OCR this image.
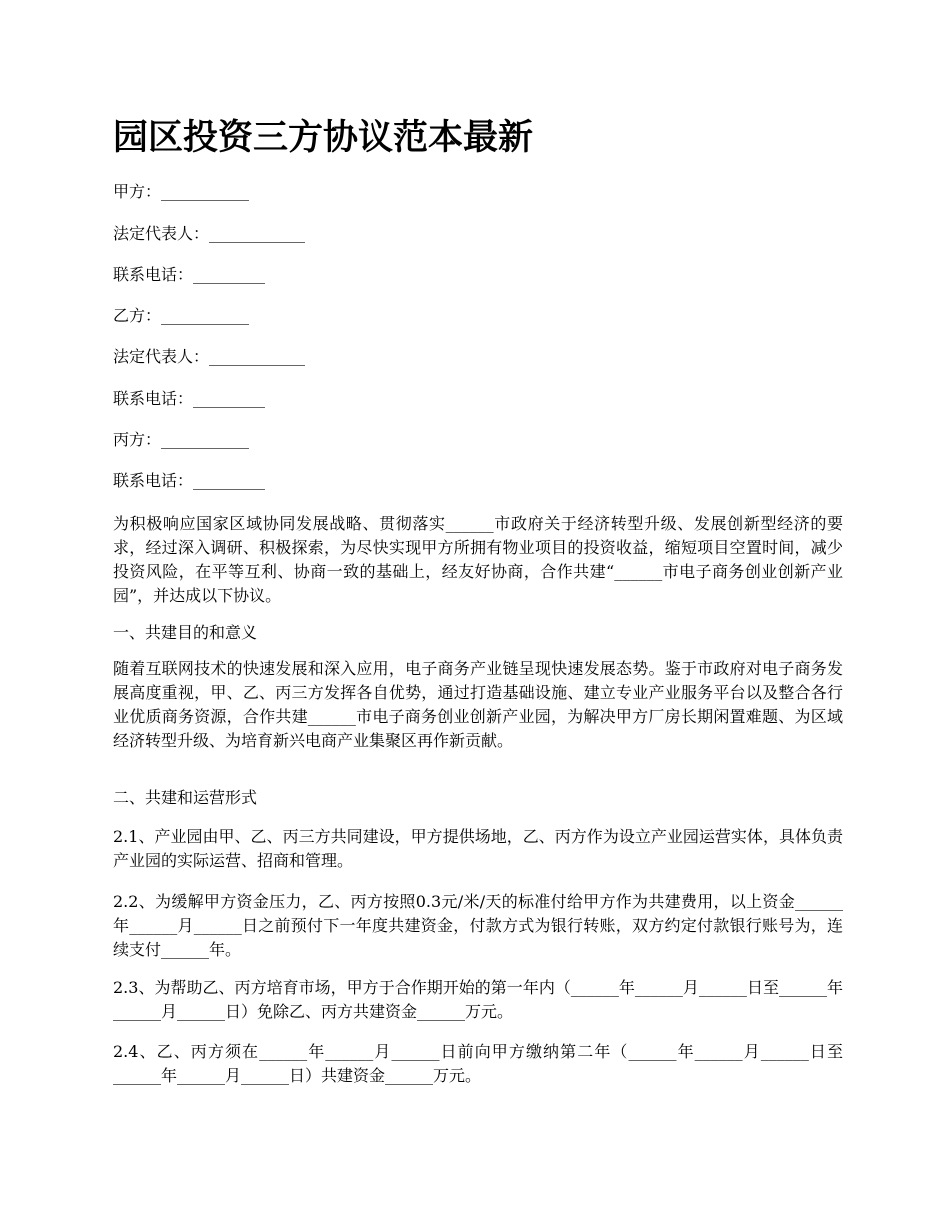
园区投资三方协议范本最新

甲方：___________

法定代表人：____________

联系电话：_________

乙方：___________

法定代表人：____________

联系电话：_________

丙方：___________

联系电话：_________

为积极响应国家区域协同发展战略、贯彻落实______市政府关于经济转型升级、发展创新型经济的要求，经过深入调研、积极探索，为尽快实现甲方所拥有物业项目的投资收益，缩短项目空置时间，减少投资风险，在平等互利、协商一致的基础上，经友好协商，合作共建“______市电子商务创业创新产业园”，并达成以下协议。

一、共建目的和意义

随着互联网技术的快速发展和深入应用，电子商务产业链呈现快速发展态势。鉴于市政府对电子商务发展高度重视，甲、乙、丙三方发挥各自优势，通过打造基础设施、建立专业产业服务平台以及整合各行业优质商务资源，合作共建______市电子商务创业创新产业园，为解决甲方厂房长期闲置难题、为区域经济转型升级、为培育新兴电商产业集聚区再作新贡献。

二、共建和运营形式

2.1、产业园由甲、乙、丙三方共同建设，甲方提供场地，乙、丙方作为设立产业园运营实体，具体负责产业园的实际运营、招商和管理。

2.2、为缓解甲方资金压力，乙、丙方按照0.3元/米/天的标准付给甲方作为共建费用，以上资金______年______月______日之前预付下一年度共建资金，付款方式为银行转账，双方约定付款银行账号为，连续支付______年。

2.3、为帮助乙、丙方培育市场，甲方于合作期开始的第一年内（______年______月______日至______年______月______日）免除乙、丙方共建资金______万元。

2.4、乙、丙方须在______年______月______日前向甲方缴纳第二年（______年______月______日至______年______月______日）共建资金______万元。
